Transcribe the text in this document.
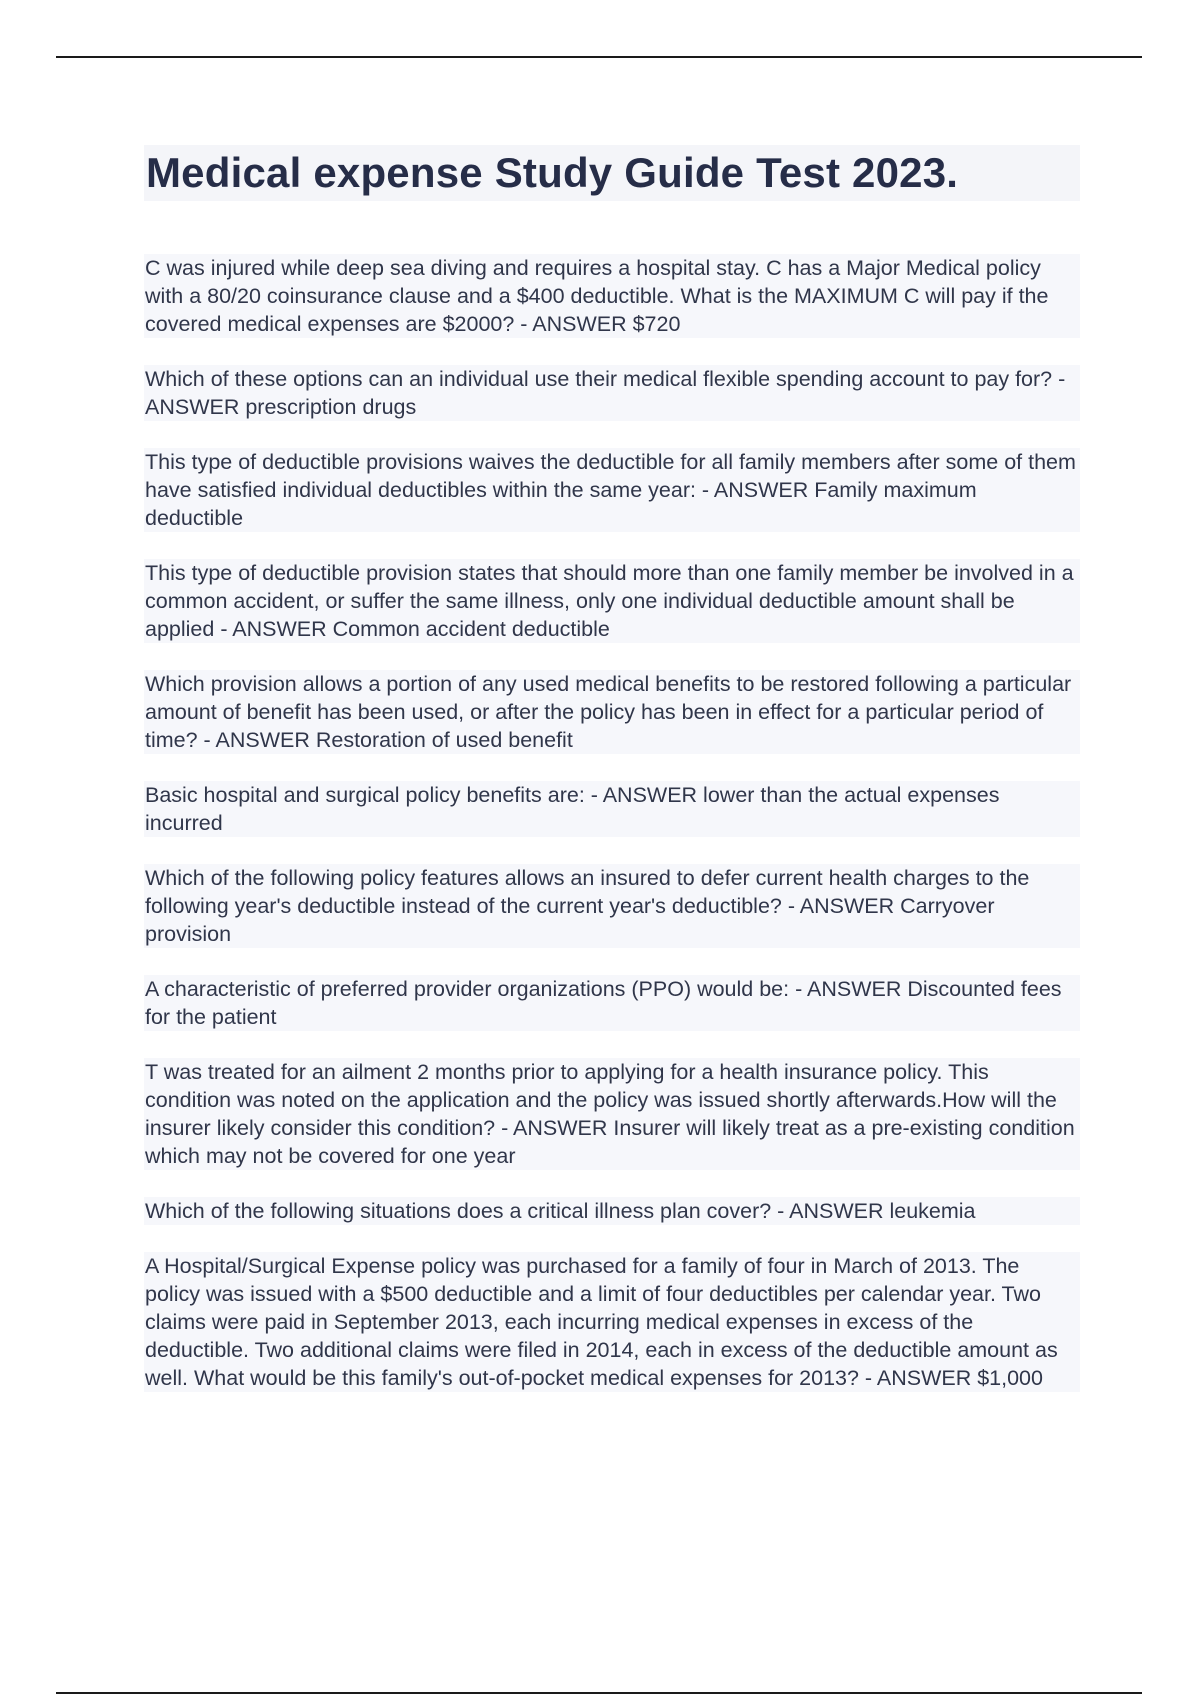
Medical expense Study Guide Test 2023.

C was injured while deep sea diving and requires a hospital stay. C has a Major Medical policy with a 80/20 coinsurance clause and a $400 deductible. What is the MAXIMUM C will pay if the covered medical expenses are $2000? - ANSWER $720

Which of these options can an individual use their medical flexible spending account to pay for? - ANSWER prescription drugs

This type of deductible provisions waives the deductible for all family members after some of them have satisfied individual deductibles within the same year: - ANSWER Family maximum deductible

This type of deductible provision states that should more than one family member be involved in a common accident, or suffer the same illness, only one individual deductible amount shall be applied - ANSWER Common accident deductible

Which provision allows a portion of any used medical benefits to be restored following a particular amount of benefit has been used, or after the policy has been in effect for a particular period of time? - ANSWER Restoration of used benefit

Basic hospital and surgical policy benefits are: - ANSWER lower than the actual expenses incurred

Which of the following policy features allows an insured to defer current health charges to the following year's deductible instead of the current year's deductible? - ANSWER Carryover provision

A characteristic of preferred provider organizations (PPO) would be: - ANSWER Discounted fees for the patient

T was treated for an ailment 2 months prior to applying for a health insurance policy. This condition was noted on the application and the policy was issued shortly afterwards.How will the insurer likely consider this condition? - ANSWER Insurer will likely treat as a pre-existing condition which may not be covered for one year

Which of the following situations does a critical illness plan cover? - ANSWER leukemia

A Hospital/Surgical Expense policy was purchased for a family of four in March of 2013. The policy was issued with a $500 deductible and a limit of four deductibles per calendar year. Two claims were paid in September 2013, each incurring medical expenses in excess of the deductible. Two additional claims were filed in 2014, each in excess of the deductible amount as well. What would be this family's out-of-pocket medical expenses for 2013? - ANSWER $1,000
